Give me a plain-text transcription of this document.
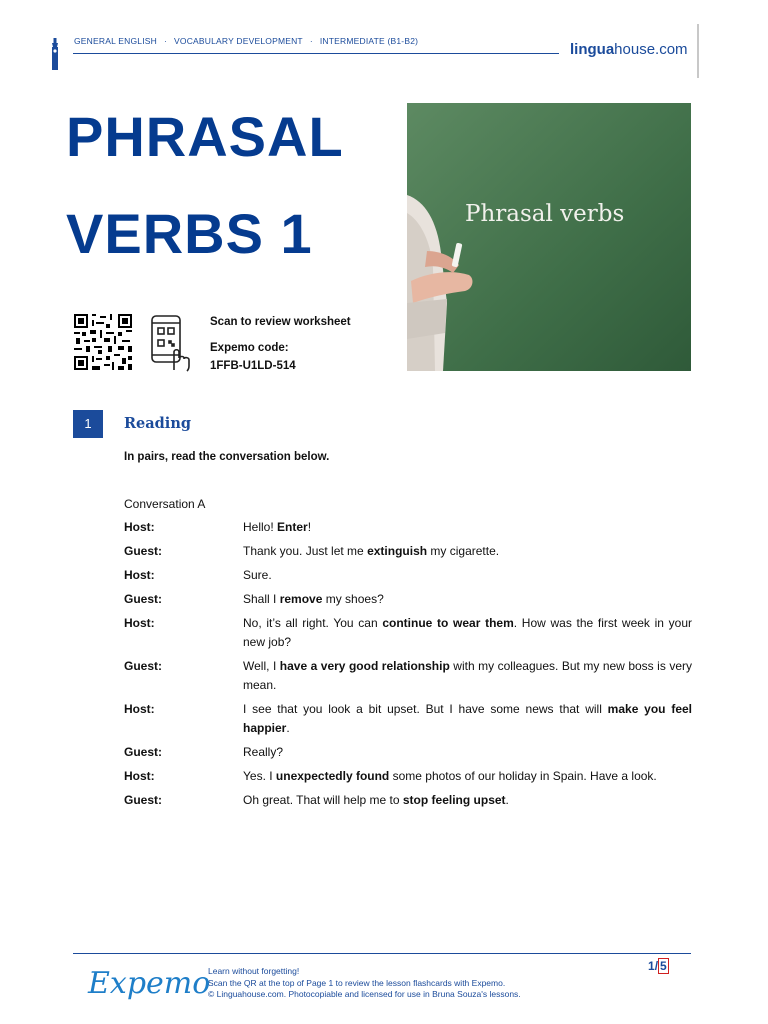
GENERAL ENGLISH · VOCABULARY DEVELOPMENT · INTERMEDIATE (B1-B2)	linguahouse.com
PHRASAL
VERBS 1	Phrasal verbs
Scan to review worksheet
Expemo code:
1FFB-U1LD-514
1	Reading
In pairs, read the conversation below.
Conversation A
Host:	Hello! Enter!
Guest:	Thank you. Just let me extinguish my cigarette.
Host:	Sure.
Guest:	Shall I remove my shoes?
Host:	No, it’s all right. You can continue to wear them. How was the first week in your new job?
Guest:	Well, I have a very good relationship with my colleagues. But my new boss is very mean.
Host:	I see that you look a bit upset. But I have some news that will make you feel happier.
Guest:	Really?
Host:	Yes. I unexpectedly found some photos of our holiday in Spain. Have a look.
Guest:	Oh great. That will help me to stop feeling upset.
Expemo
Learn without forgetting!
Scan the QR at the top of Page 1 to review the lesson flashcards with Expemo.
© Linguahouse.com. Photocopiable and licensed for use in Bruna Souza's lessons.
1/ 5
